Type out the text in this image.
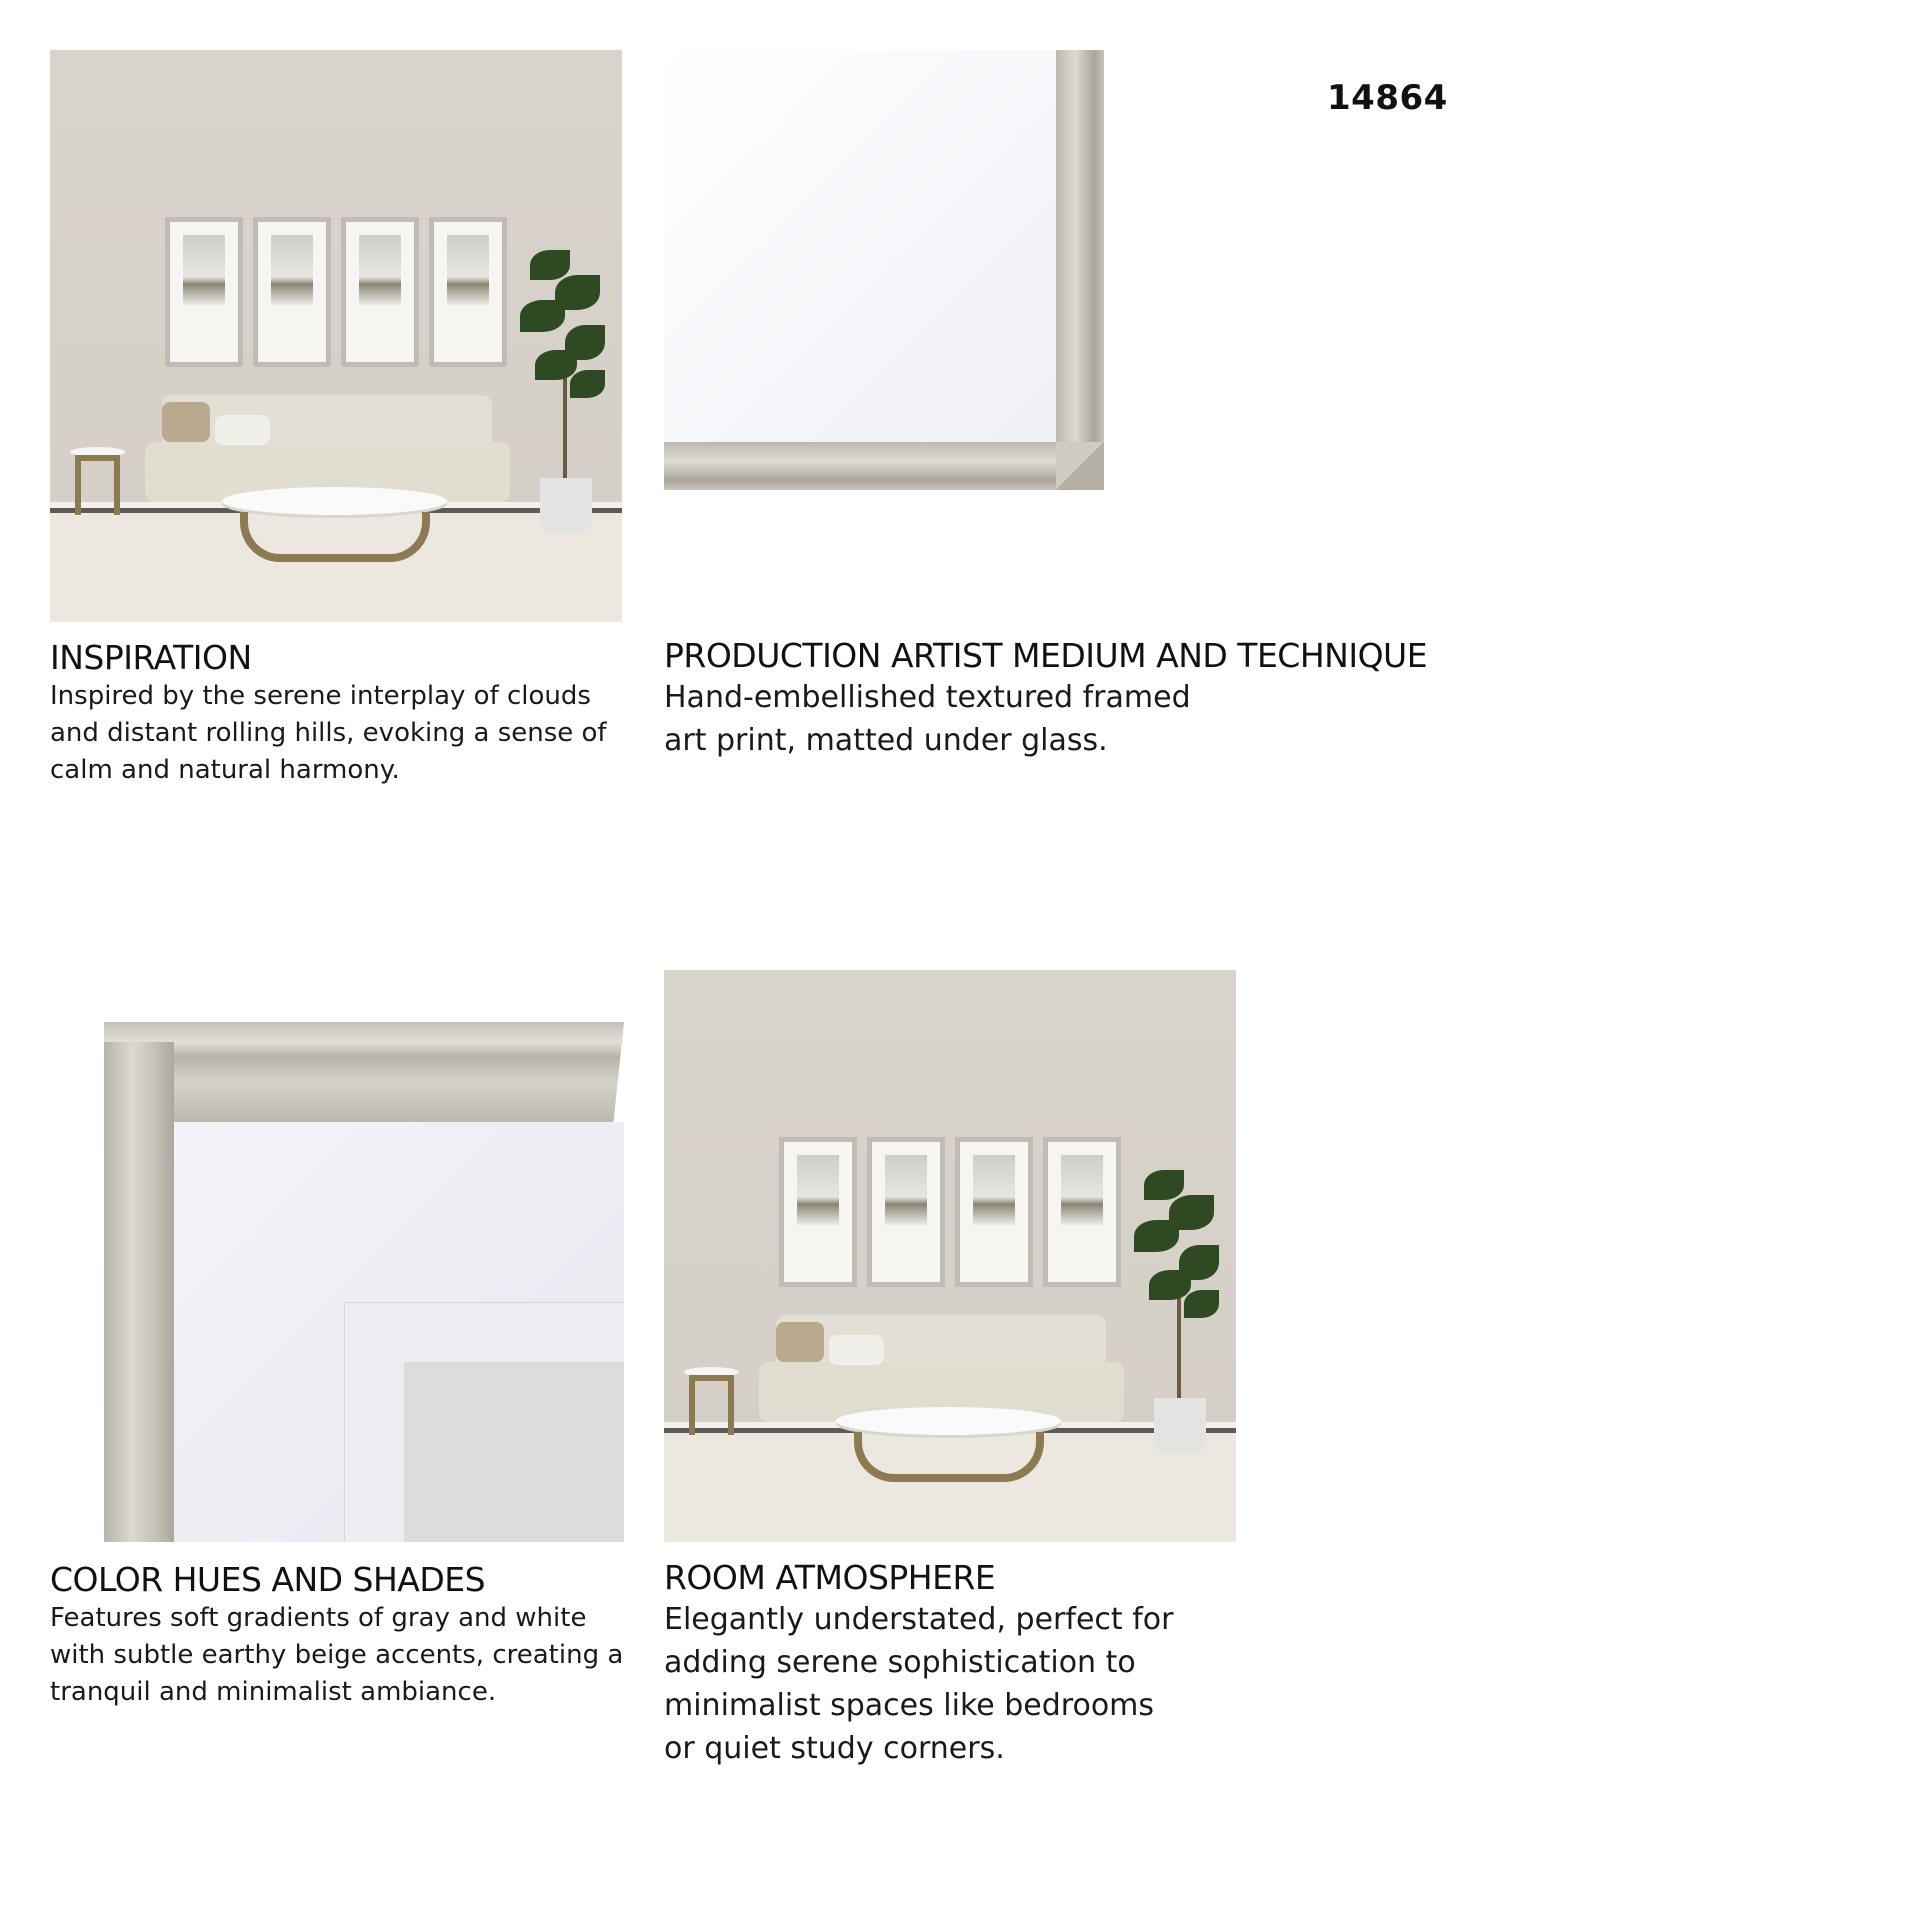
14864
INSPIRATION

Inspired by the serene interplay of clouds and distant rolling hills, evoking a sense of calm and natural harmony.

PRODUCTION ARTIST MEDIUM AND TECHNIQUE

Hand-embellished textured framed art print, matted under glass.

COLOR HUES AND SHADES

Features soft gradients of gray and white with subtle earthy beige accents, creating a tranquil and minimalist ambiance.

ROOM ATMOSPHERE

Elegantly understated, perfect for adding serene sophistication to minimalist spaces like bedrooms or quiet study corners.
